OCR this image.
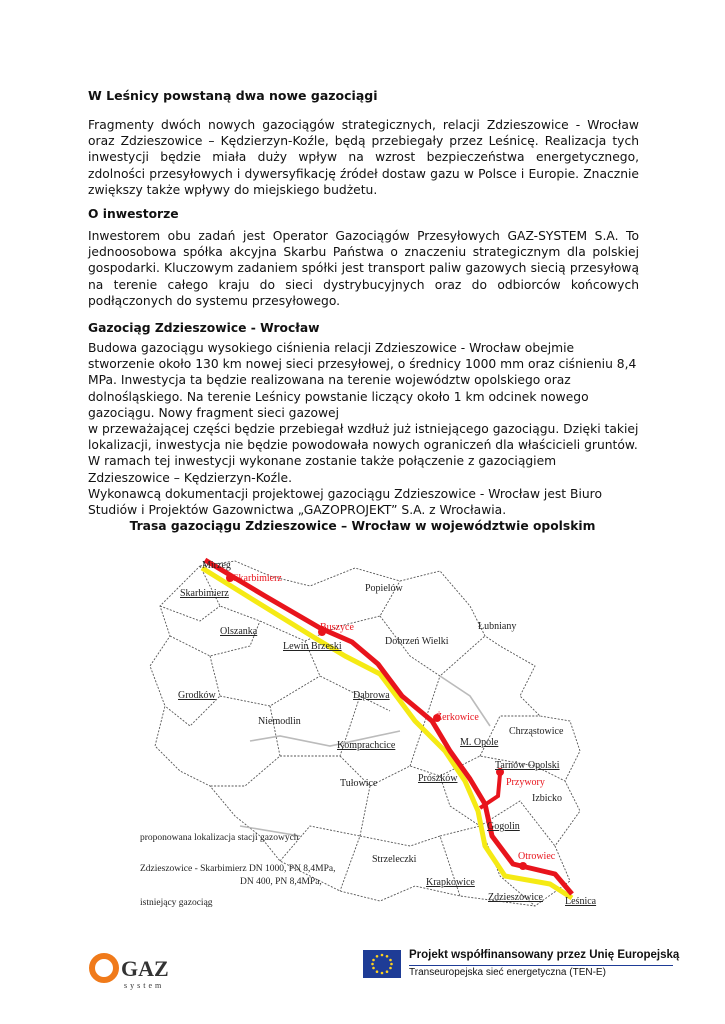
W Leśnicy powstaną dwa nowe gazociągi
Fragmenty dwóch nowych gazociągów strategicznych, relacji Zdzieszowice - Wrocław oraz Zdzieszowice – Kędzierzyn-Koźle, będą przebiegały przez Leśnicę. Realizacja tych inwestycji będzie miała duży wpływ na wzrost bezpieczeństwa energetycznego, zdolności przesyłowych i dywersyfikację źródeł dostaw gazu w Polsce i Europie. Znacznie zwiększy także wpływy do miejskiego budżetu.
O inwestorze
Inwestorem obu zadań jest Operator Gazociągów Przesyłowych GAZ-SYSTEM S.A. To jednoosobowa spółka akcyjna Skarbu Państwa o znaczeniu strategicznym dla polskiej gospodarki. Kluczowym zadaniem spółki jest transport paliw gazowych siecią przesyłową na terenie całego kraju do sieci dystrybucyjnych oraz do odbiorców końcowych podłączonych do systemu przesyłowego.
Gazociąg Zdzieszowice - Wrocław
Budowa gazociągu wysokiego ciśnienia relacji Zdzieszowice - Wrocław obejmie stworzenie około 130 km nowej sieci przesyłowej, o średnicy 1000 mm oraz ciśnieniu 8,4 MPa. Inwestycja ta będzie realizowana na terenie województw opolskiego oraz dolnośląskiego. Na terenie Leśnicy powstanie liczący około 1 km odcinek nowego gazociągu. Nowy fragment sieci gazowej
w przeważającej części będzie przebiegał wzdłuż już istniejącego gazociągu. Dzięki takiej lokalizacji, inwestycja nie będzie powodowała nowych ograniczeń dla właścicieli gruntów. W ramach tej inwestycji wykonane zostanie także połączenie z gazociągiem Zdzieszowice – Kędzierzyn-Koźle.
Wykonawcą dokumentacji projektowej gazociągu Zdzieszowice - Wrocław jest Biuro Studiów i Projektów Gazownictwa „GAZOPROJEKT” S.A. z Wrocławia.
Trasa gazociągu Zdzieszowice – Wrocław w województwie opolskim
Mirzeg
Skarbimierz
Popielów
Skarbimierz
Olszanka	Buszyce
Lewin Brzeski	Dobrzeń Wielki
Łubniany
Grodków	Dąbrowa
Niemodlin	Żerkowice
Komprachcice	M. Opole
Chrząstowice
Tułowice	Prószków
Tarnów Opolski
Przywory
Izbicko
Gogolin
Strzeleczki
Krapkowice
Otrowiec
Zdzieszowice Leśnica
proponowana lokalizacja stacji gazowych
Zdzieszowice - Skarbimierz DN 1000, PN 8,4MPa,
DN 400, PN 8,4MPa,
istniejący gazociąg
GAZ
system
Projekt współfinansowany przez Unię Europejską
Transeuropejska sieć energetyczna (TEN-E)
